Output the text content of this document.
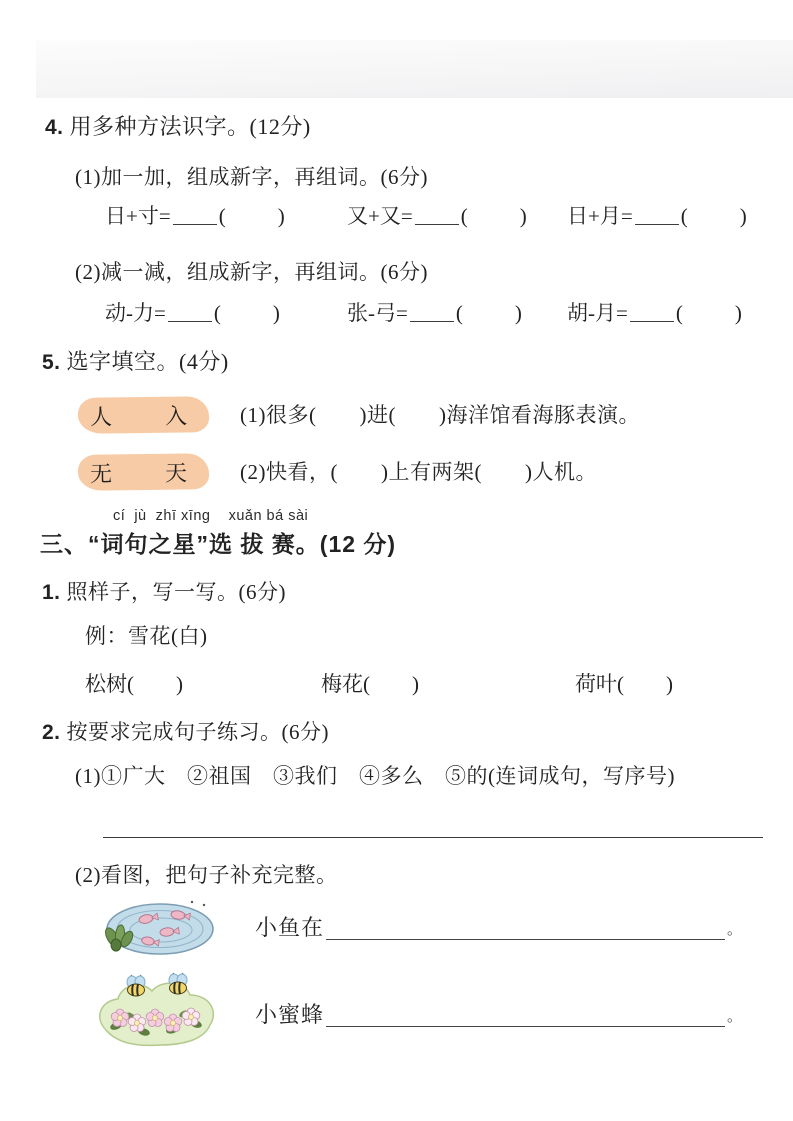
4. 用多种方法识字。(12分)
(1)加一加，组成新字，再组词。(6分)
日+寸= ( )	又+又= ( ) 日+月= ( )
(2)减一减，组成新字，再组词。(6分)
动-力= ( )	张-弓= ( ) 胡-月= ( )
5. 选字填空。(4分)
人 入	(1)很多(　　)进(　　)海洋馆看海豚表演。
无 天	(2)快看，(　　)上有两架(　　)人机。
cí  jù  zhī xīng    xuǎn bá sài
三、“词句之星”选 拔 赛。(12 分)
1. 照样子，写一写。(6分)
例：雪花(白)
松树(　　)	梅花(　　)	荷叶(　　)
2. 按要求完成句子练习。(6分)
(1)①广大　②祖国　③我们　④多么　⑤的(连词成句，写序号)
(2)看图，把句子补充完整。
小鱼在	。
小蜜蜂	。
